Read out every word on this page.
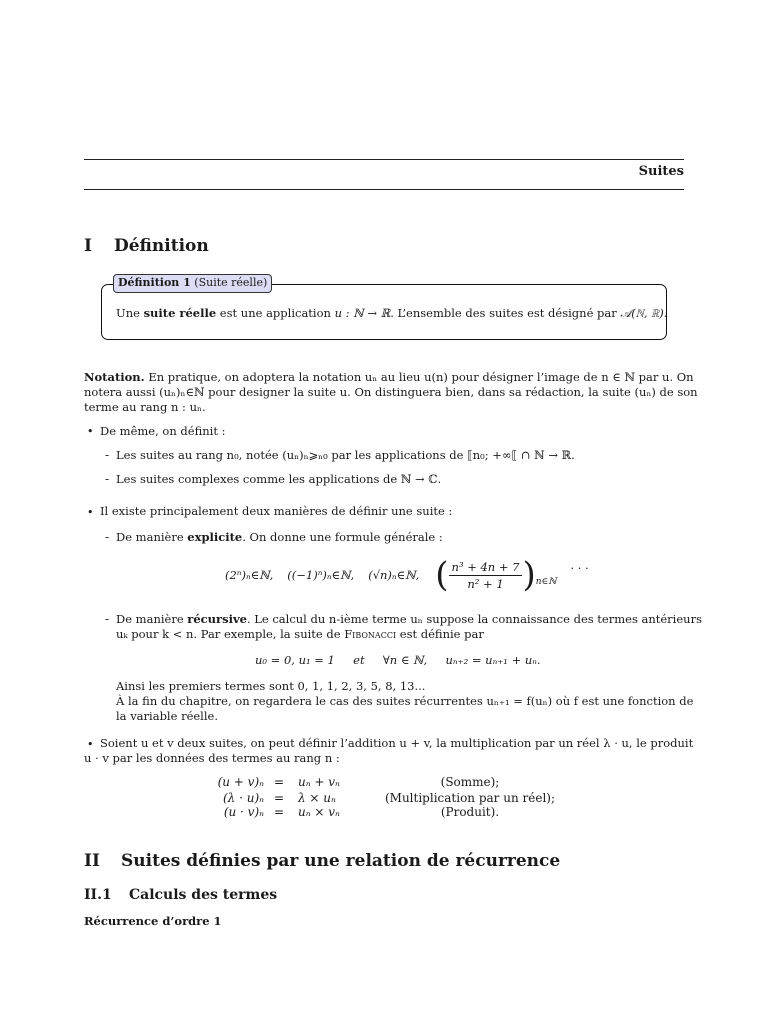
Suites
I Définition
Définition 1 (Suite réelle)
Une suite réelle est une application u : ℕ → ℝ. L’ensemble des suites est désigné par 𝒜(ℕ, ℝ).
Notation. En pratique, on adoptera la notation uₙ au lieu u(n) pour désigner l’image de n ∈ ℕ par u. On
notera aussi (uₙ)ₙ∈ℕ pour designer la suite u. On distinguera bien, dans sa rédaction, la suite (uₙ) de son
terme au rang n : uₙ.
• De même, on définit :
- Les suites au rang n₀, notée (uₙ)ₙ⩾ₙ₀ par les applications de ⟦n₀; +∞⟦ ∩ ℕ → ℝ.
- Les suites complexes comme les applications de ℕ → ℂ.
• Il existe principalement deux manières de définir une suite :
- De manière explicite. On donne une formule générale :
(2ⁿ)ₙ∈ℕ, ((−1)ⁿ)ₙ∈ℕ, (√n)ₙ∈ℕ, ( $\frac{\text{n³ + 4n + 7}}{\text{n² + 1}}$ ) n∈ℕ
· · ·
- De manière récursive. Le calcul du n-ième terme uₙ suppose la connaissance des termes antérieurs
uₖ pour k < n. Par exemple, la suite de Fibonacci est définie par
u₀ = 0, u₁ = 1     et     ∀n ∈ ℕ,     uₙ₊₂ = uₙ₊₁ + uₙ.
Ainsi les premiers termes sont 0, 1, 1, 2, 3, 5, 8, 13...
À la fin du chapitre, on regardera le cas des suites récurrentes uₙ₊₁ = f(uₙ) où f est une fonction de
la variable réelle.
• Soient u et v deux suites, on peut définir l’addition u + v, la multiplication par un réel λ · u, le produit
u · v par les données des termes au rang n :
(u + v)ₙ = uₙ + vₙ	(Somme);
(λ · u)ₙ = λ × uₙ	(Multiplication par un réel);
(u · v)ₙ = uₙ × vₙ	(Produit).
II Suites définies par une relation de récurrence
II.1 Calculs des termes
Récurrence d’ordre 1
